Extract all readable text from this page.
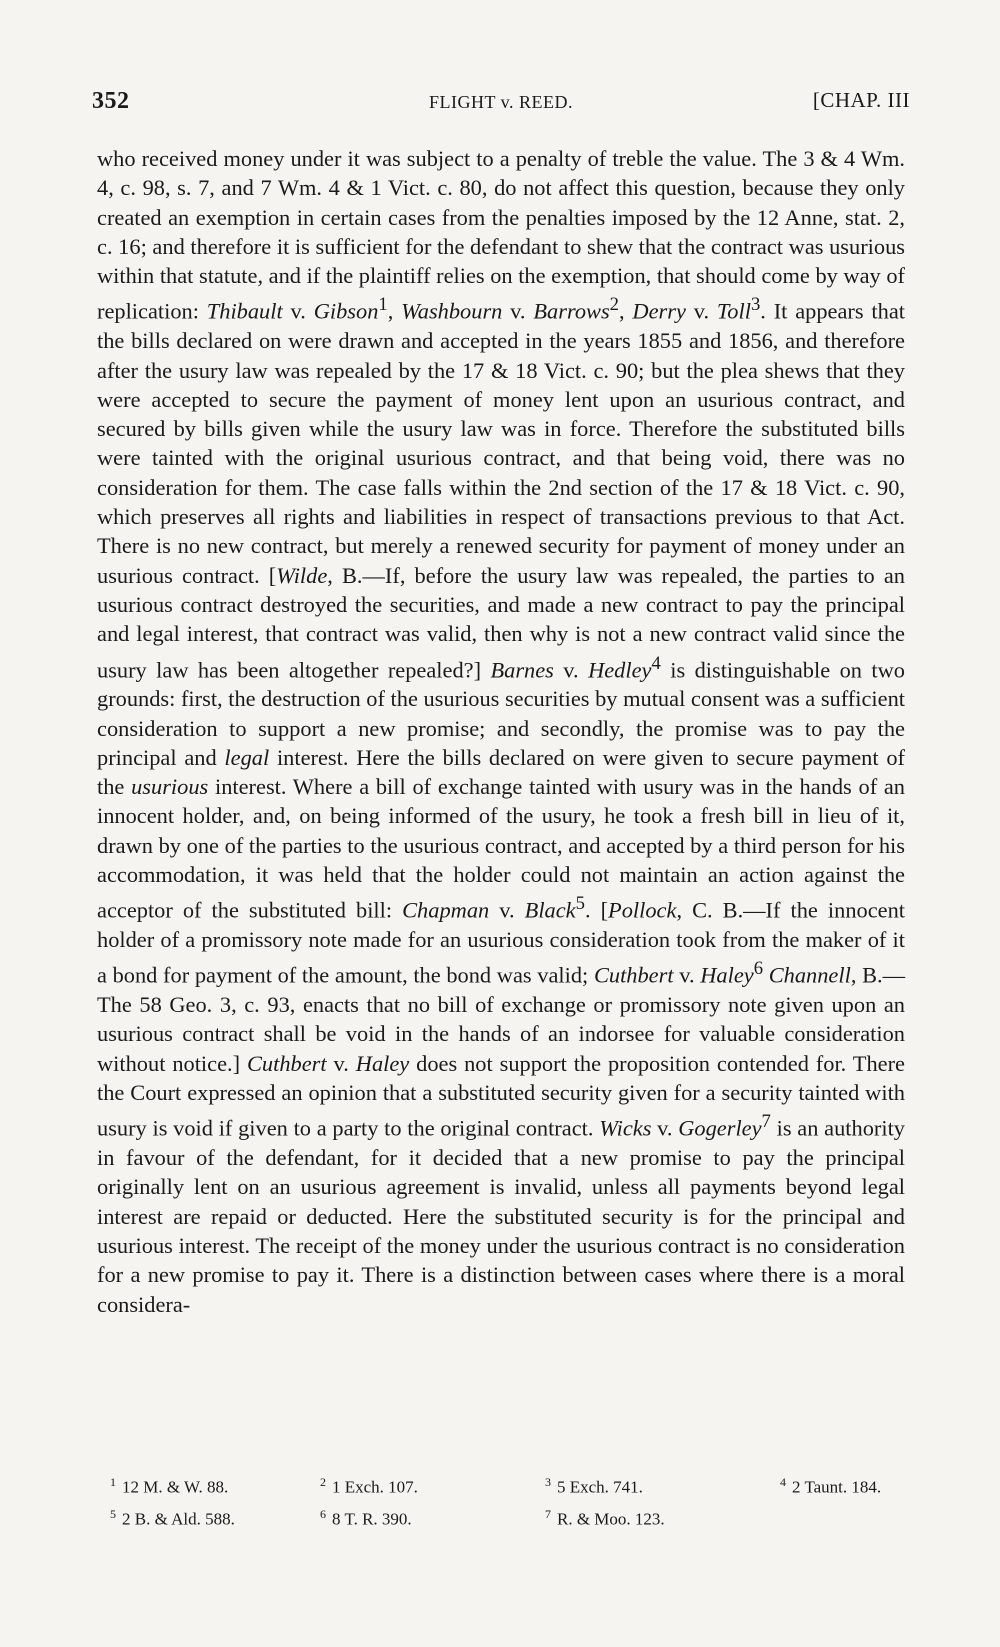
352	FLIGHT v. REED.	[CHAP. III

who received money under it was subject to a penalty of treble the value. The 3 & 4 Wm. 4, c. 98, s. 7, and 7 Wm. 4 & 1 Vict. c. 80, do not affect this question, because they only created an exemption in certain cases from the penalties imposed by the 12 Anne, stat. 2, c. 16; and therefore it is sufficient for the defendant to shew that the contract was usurious within that statute, and if the plaintiff relies on the exemption, that should come by way of replication: Thibault v. Gibson$^1$, Washbourn v. Barrows$^2$, Derry v. Toll$^3$. It appears that the bills declared on were drawn and accepted in the years 1855 and 1856, and therefore after the usury law was repealed by the 17 & 18 Vict. c. 90; but the plea shews that they were accepted to secure the payment of money lent upon an usurious contract, and secured by bills given while the usury law was in force. Therefore the substituted bills were tainted with the original usurious contract, and that being void, there was no consideration for them. The case falls within the 2nd section of the 17 & 18 Vict. c. 90, which preserves all rights and liabilities in respect of transactions previous to that Act. There is no new contract, but merely a renewed security for payment of money under an usurious contract. [Wilde, B.—If, before the usury law was repealed, the parties to an usurious contract destroyed the securities, and made a new contract to pay the principal and legal interest, that contract was valid, then why is not a new contract valid since the usury law has been altogether repealed?] Barnes v. Hedley$^4$ is distinguishable on two grounds: first, the destruction of the usurious securities by mutual consent was a sufficient consideration to support a new promise; and secondly, the promise was to pay the principal and legal interest. Here the bills declared on were given to secure payment of the usurious interest. Where a bill of exchange tainted with usury was in the hands of an innocent holder, and, on being informed of the usury, he took a fresh bill in lieu of it, drawn by one of the parties to the usurious contract, and accepted by a third person for his accommodation, it was held that the holder could not maintain an action against the acceptor of the substituted bill: Chapman v. Black$^5$. [Pollock, C. B.—If the innocent holder of a promissory note made for an usurious consideration took from the maker of it a bond for payment of the amount, the bond was valid; Cuthbert v. Haley$^6$ Channell, B.—The 58 Geo. 3, c. 93, enacts that no bill of exchange or promissory note given upon an usurious contract shall be void in the hands of an indorsee for valuable consideration without notice.] Cuthbert v. Haley does not support the proposition contended for. There the Court expressed an opinion that a substituted security given for a security tainted with usury is void if given to a party to the original contract. Wicks v. Gogerley$^7$ is an authority in favour of the defendant, for it decided that a new promise to pay the principal originally lent on an usurious agreement is invalid, unless all payments beyond legal interest are repaid or deducted. Here the substituted security is for the principal and usurious interest. The receipt of the money under the usurious contract is no consideration for a new promise to pay it. There is a distinction between cases where there is a moral considera-

$^1$ 12 M. & W. 88.	$^2$ 1 Exch. 107.	$^3$ 5 Exch. 741.	$^4$ 2 Taunt. 184.
$^5$ 2 B. & Ald. 588.	$^6$ 8 T. R. 390.	$^7$ R. & Moo. 123.
